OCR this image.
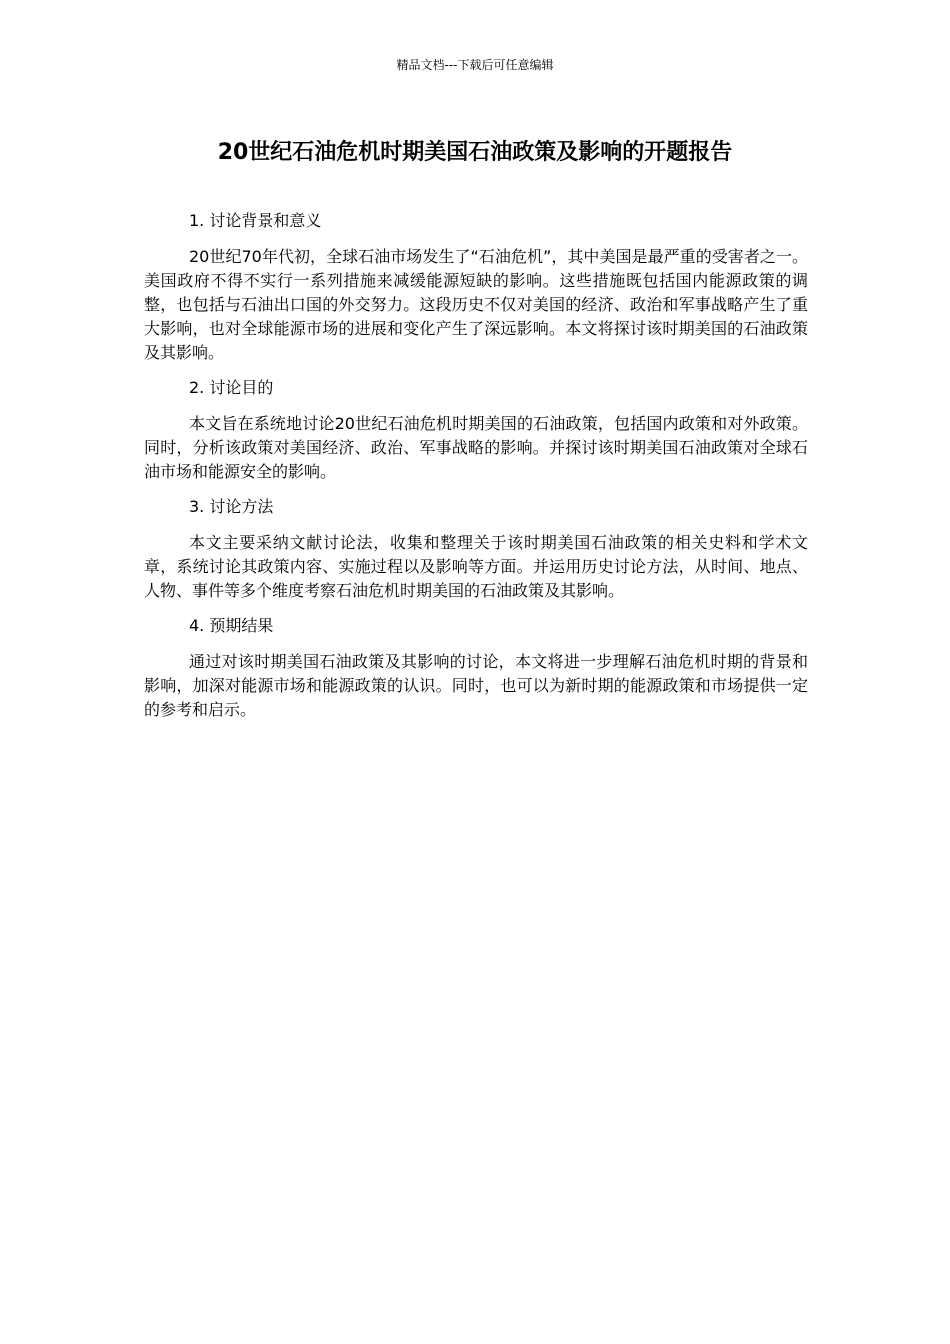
精品文档---下载后可任意编辑
20世纪石油危机时期美国石油政策及影响的开题报告

1. 讨论背景和意义

20世纪70年代初，全球石油市场发生了“石油危机”，其中美国是最严重的受害者之一。美国政府不得不实行一系列措施来减缓能源短缺的影响。这些措施既包括国内能源政策的调整，也包括与石油出口国的外交努力。这段历史不仅对美国的经济、政治和军事战略产生了重大影响，也对全球能源市场的进展和变化产生了深远影响。本文将探讨该时期美国的石油政策及其影响。

2. 讨论目的

本文旨在系统地讨论20世纪石油危机时期美国的石油政策，包括国内政策和对外政策。同时，分析该政策对美国经济、政治、军事战略的影响。并探讨该时期美国石油政策对全球石油市场和能源安全的影响。

3. 讨论方法

本文主要采纳文献讨论法，收集和整理关于该时期美国石油政策的相关史料和学术文章，系统讨论其政策内容、实施过程以及影响等方面。并运用历史讨论方法，从时间、地点、人物、事件等多个维度考察石油危机时期美国的石油政策及其影响。

4. 预期结果

通过对该时期美国石油政策及其影响的讨论，本文将进一步理解石油危机时期的背景和影响，加深对能源市场和能源政策的认识。同时，也可以为新时期的能源政策和市场提供一定的参考和启示。
